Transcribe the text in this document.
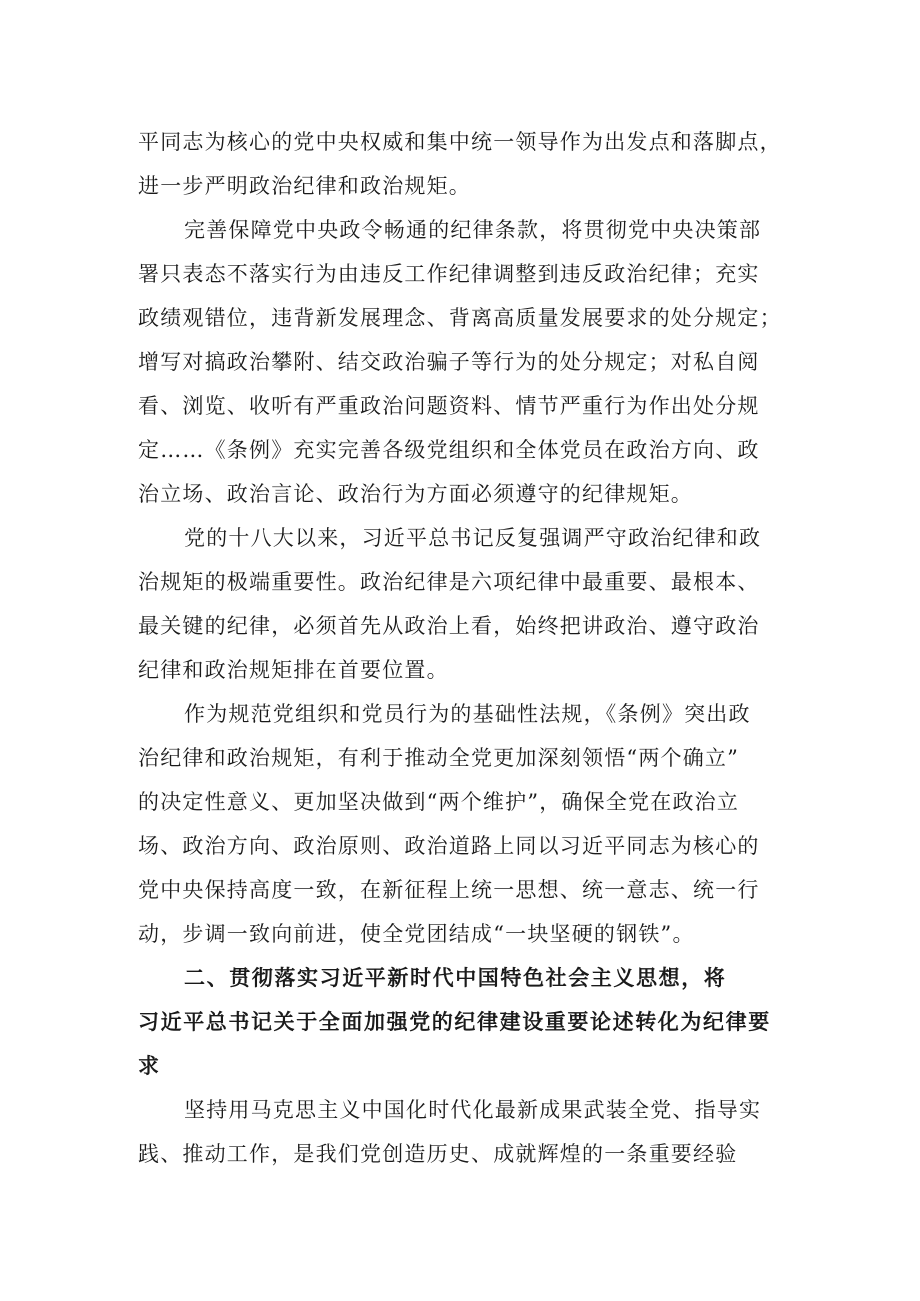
平同志为核心的党中央权威和集中统一领导作为出发点和落脚点，
进一步严明政治纪律和政治规矩。
完善保障党中央政令畅通的纪律条款，将贯彻党中央决策部
署只表态不落实行为由违反工作纪律调整到违反政治纪律；充实
政绩观错位，违背新发展理念、背离高质量发展要求的处分规定；
增写对搞政治攀附、结交政治骗子等行为的处分规定；对私自阅
看、浏览、收听有严重政治问题资料、情节严重行为作出处分规
定……《条例》充实完善各级党组织和全体党员在政治方向、政
治立场、政治言论、政治行为方面必须遵守的纪律规矩。
党的十八大以来，习近平总书记反复强调严守政治纪律和政
治规矩的极端重要性。政治纪律是六项纪律中最重要、最根本、
最关键的纪律，必须首先从政治上看，始终把讲政治、遵守政治
纪律和政治规矩排在首要位置。
作为规范党组织和党员行为的基础性法规，《条例》突出政
治纪律和政治规矩，有利于推动全党更加深刻领悟“两个确立”
的决定性意义、更加坚决做到“两个维护”，确保全党在政治立
场、政治方向、政治原则、政治道路上同以习近平同志为核心的
党中央保持高度一致，在新征程上统一思想、统一意志、统一行
动，步调一致向前进，使全党团结成“一块坚硬的钢铁”。
二、贯彻落实习近平新时代中国特色社会主义思想，将
习近平总书记关于全面加强党的纪律建设重要论述转化为纪律要
求
坚持用马克思主义中国化时代化最新成果武装全党、指导实
践、推动工作，是我们党创造历史、成就辉煌的一条重要经验
